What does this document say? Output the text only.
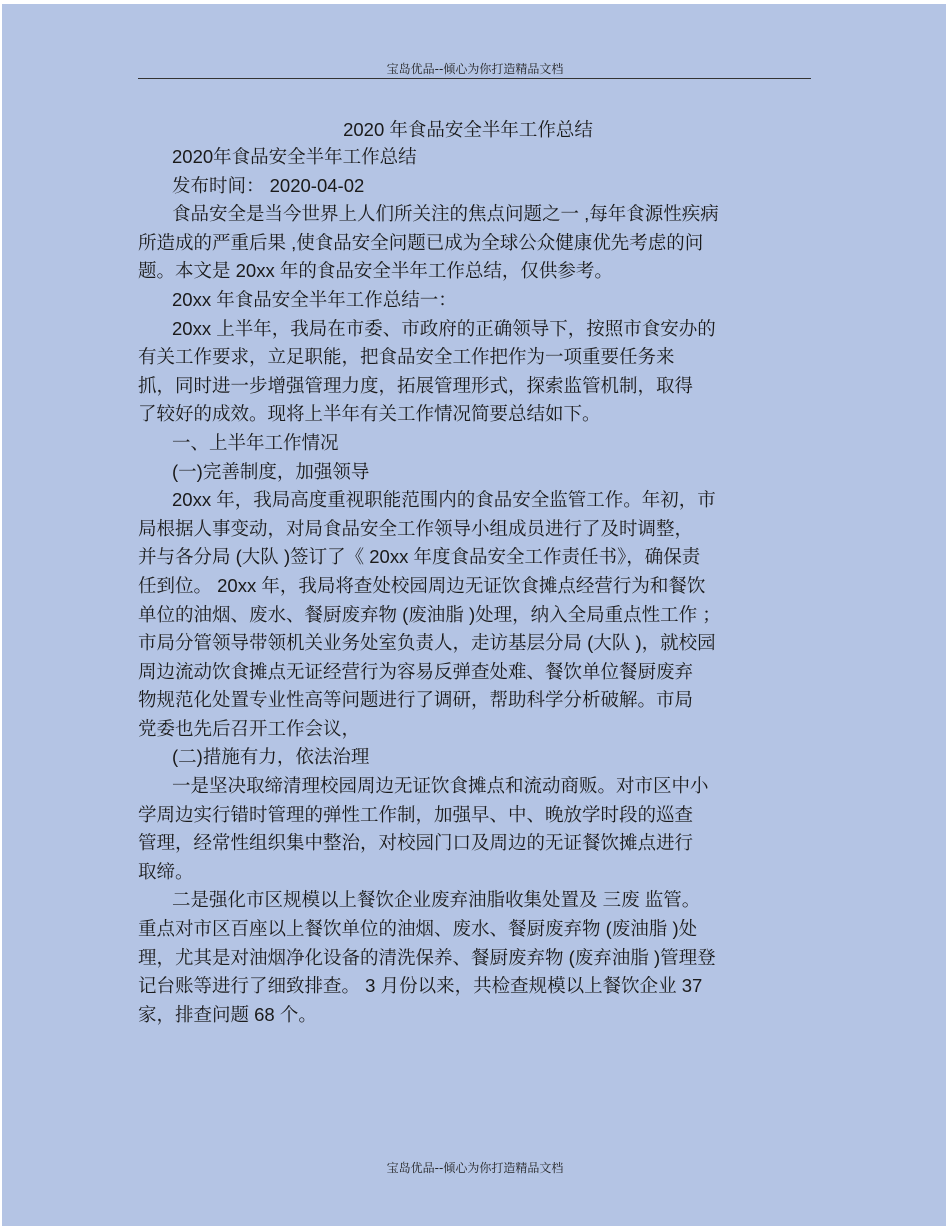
宝岛优品--倾心为你打造精品文档
2020 年食品安全半年工作总结
2020年食品安全半年工作总结
发布时间： 2020-04-02
食品安全是当今世界上人们所关注的焦点问题之一 ,每年食源性疾病
所造成的严重后果 ,使食品安全问题已成为全球公众健康优先考虑的问
题。本文是 20xx 年的食品安全半年工作总结，仅供参考。
20xx 年食品安全半年工作总结一：
20xx 上半年，我局在市委、市政府的正确领导下，按照市食安办的
有关工作要求，立足职能，把食品安全工作把作为一项重要任务来
抓，同时进一步增强管理力度，拓展管理形式，探索监管机制，取得
了较好的成效。现将上半年有关工作情况简要总结如下。
一、上半年工作情况
(一)完善制度，加强领导
20xx 年，我局高度重视职能范围内的食品安全监管工作。年初，市
局根据人事变动，对局食品安全工作领导小组成员进行了及时调整，
并与各分局 (大队 )签订了《 20xx 年度食品安全工作责任书》，确保责
任到位。 20xx 年，我局将查处校园周边无证饮食摊点经营行为和餐饮
单位的油烟、废水、餐厨废弃物 (废油脂 )处理，纳入全局重点性工作 ；
市局分管领导带领机关业务处室负责人，走访基层分局 (大队 )，就校园
周边流动饮食摊点无证经营行为容易反弹查处难、餐饮单位餐厨废弃
物规范化处置专业性高等问题进行了调研，帮助科学分析破解。市局
党委也先后召开工作会议，
(二)措施有力，依法治理
一是坚决取缔清理校园周边无证饮食摊点和流动商贩。对市区中小
学周边实行错时管理的弹性工作制，加强早、中、晚放学时段的巡查
管理，经常性组织集中整治，对校园门口及周边的无证餐饮摊点进行
取缔。
二是强化市区规模以上餐饮企业废弃油脂收集处置及 三废 监管。
重点对市区百座以上餐饮单位的油烟、废水、餐厨废弃物 (废油脂 )处
理，尤其是对油烟净化设备的清洗保养、餐厨废弃物 (废弃油脂 )管理登
记台账等进行了细致排查。 3 月份以来，共检查规模以上餐饮企业 37
家，排查问题 68 个。
宝岛优品--倾心为你打造精品文档
